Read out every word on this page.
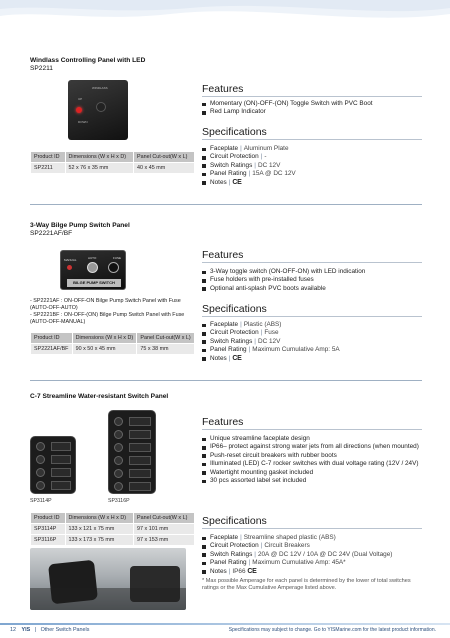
Windlass Controlling Panel with LED
SP2211
WINDLASS
UP
DOWN
Product ID	Dimensions (W x H x D)	Panel Cut-out(W x L)
SP2211	52 x 76 x 35 mm	40 x 45 mm
Features
Momentary (ON)-OFF-(ON) Toggle Switch with PVC Boot
Red Lamp Indicator
Specifications
Faceplate | Aluminum Plate
Circuit Protection | -
Switch Ratings | DC 12V
Panel Rating | 15A @ DC 12V
Notes | CE
3-Way Bilge Pump Switch Panel
SP2221AF/BF
MANUAL	AUTO	FUSE
BILGE PUMP SWITCH
- SP2221AF : ON-OFF-ON Bilge Pump Switch Panel with Fuse (AUTO-OFF-AUTO)
- SP2221BF : ON-OFF-(ON) Bilge Pump Switch Panel with Fuse (AUTO-OFF-MANUAL)
Product ID	Dimensions (W x H x D)	Panel Cut-out(W x L)
SP2221AF/BF	90 x 50 x 45 mm	75 x 38 mm
Features
3-Way toggle switch (ON-OFF-ON) with LED indication
Fuse holders with pre-installed fuses
Optional anti-splash PVC boots available
Specifications
Faceplate | Plastic (ABS)
Circuit Protection | Fuse
Switch Ratings | DC 12V
Panel Rating | Maximum Cumulative Amp: 5A
Notes | CE
C-7 Streamline Water-resistant Switch Panel
SP3114P	SP3116P
Product ID	Dimensions (W x H x D)	Panel Cut-out(W x L)
SP3114P	133 x 121 x 75 mm	97 x 101 mm
SP3116P	133 x 173 x 75 mm	97 x 153 mm
Features
Unique streamline faceplate design
IP66– protect against strong water jets from all directions (when mounted)
Push-reset circuit breakers with rubber boots
Illuminated (LED) C-7 rocker switches with dual voltage rating (12V / 24V)
Watertight mounting gasket included
30 pcs assorted label set included
Specifications
Faceplate | Streamline shaped plastic (ABS)
Circuit Protection | Circuit Breakers
Switch Ratings | 20A @ DC 12V / 10A @ DC 24V (Dual Voltage)
Panel Rating | Maximum Cumulative Amp: 45A*
Notes | IP66 CE
* Max possible Amperage for each panel is determined by the lower of total switches ratings or the Max Cumulative Amperage listed above.
12 YIS | Other Switch Panels	Specifications may subject to change. Go to YISMarine.com for the latest product information.
